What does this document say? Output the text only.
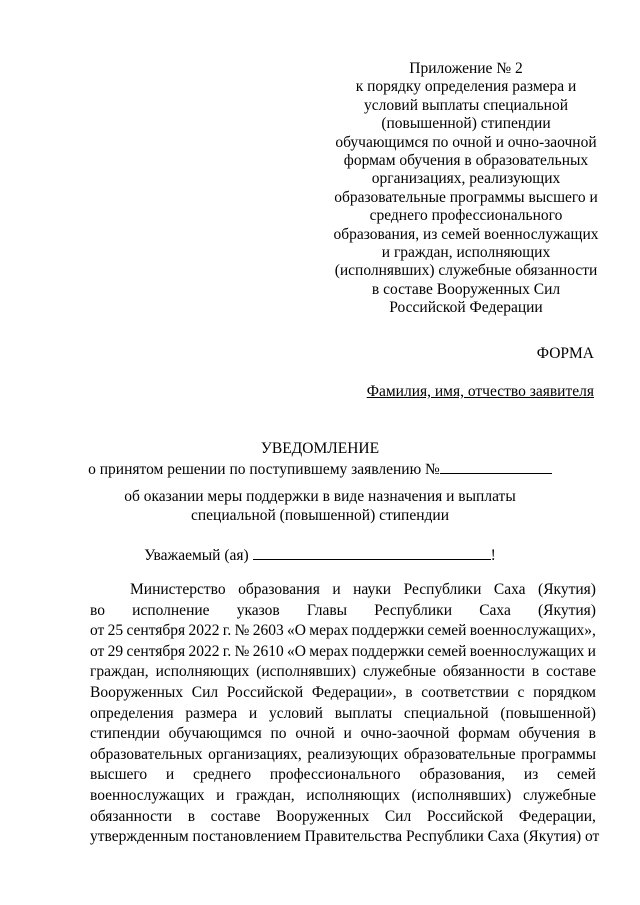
Приложение № 2
к порядку определения размера и
условий выплаты специальной
(повышенной) стипендии
обучающимся по очной и очно-заочной
формам обучения в образовательных
организациях, реализующих
образовательные программы высшего и
среднего профессионального
образования, из семей военнослужащих
и граждан, исполняющих
(исполнявших) служебные обязанности
в составе Вооруженных Сил
Российской Федерации
ФОРМА
Фамилия, имя, отчество заявителя
УВЕДОМЛЕНИЕ
о принятом решении по поступившему заявлению №
об оказании меры поддержки в виде назначения и выплаты
специальной (повышенной) стипендии
Уважаемый (ая)	!
Министерство образования и науки Республики Саха (Якутия)
во исполнение указов Главы Республики Саха (Якутия)
от 25 сентября 2022 г. № 2603 «О мерах поддержки семей военнослужащих»,
от 29 сентября 2022 г. № 2610 «О мерах поддержки семей военнослужащих и
граждан, исполняющих (исполнявших) служебные обязанности в составе
Вооруженных Сил Российской Федерации», в соответствии с порядком
определения размера и условий выплаты специальной (повышенной)
стипендии обучающимся по очной и очно-заочной формам обучения в
образовательных организациях, реализующих образовательные программы
высшего и среднего профессионального образования, из семей
военнослужащих и граждан, исполняющих (исполнявших) служебные
обязанности в составе Вооруженных Сил Российской Федерации,
утвержденным постановлением Правительства Республики Саха (Якутия) от
